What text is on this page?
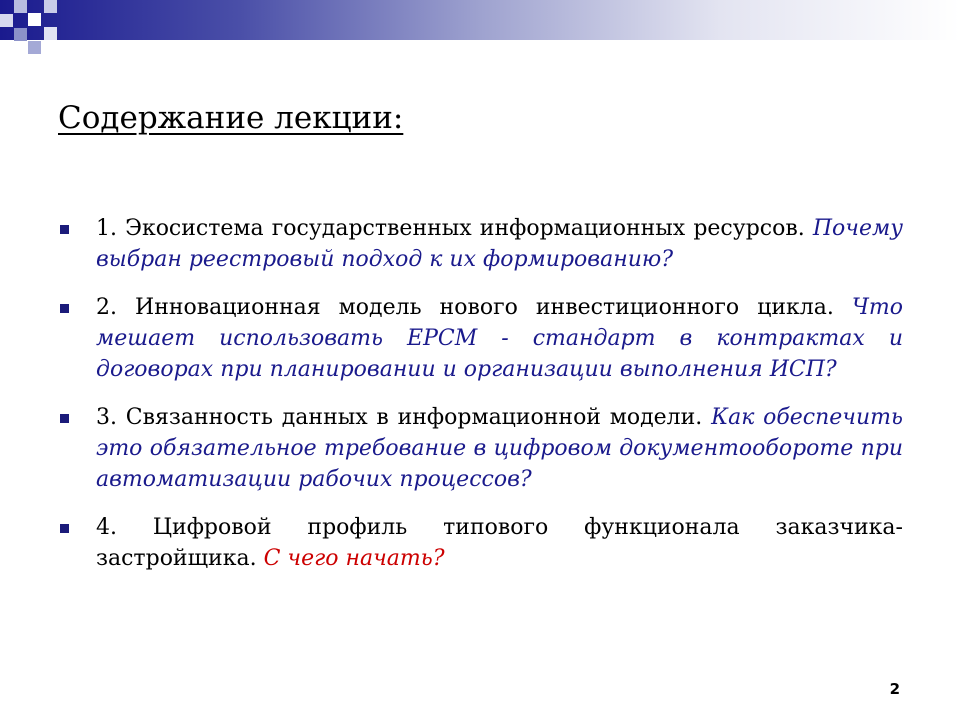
Содержание лекции:
1. Экосистема государственных информационных ресурсов. Почему выбран реестровый подход к их формированию?
2. Инновационная модель нового инвестиционного цикла. Что мешает использовать ЕРСМ - стандарт в контрактах и договорах при планировании и организации выполнения ИСП?
3. Связанность данных в информационной модели. Как обеспечить это обязательное требование в цифровом документообороте при автоматизации рабочих процессов?
4. Цифровой профиль типового функционала заказчика-застройщика. С чего начать?
2
